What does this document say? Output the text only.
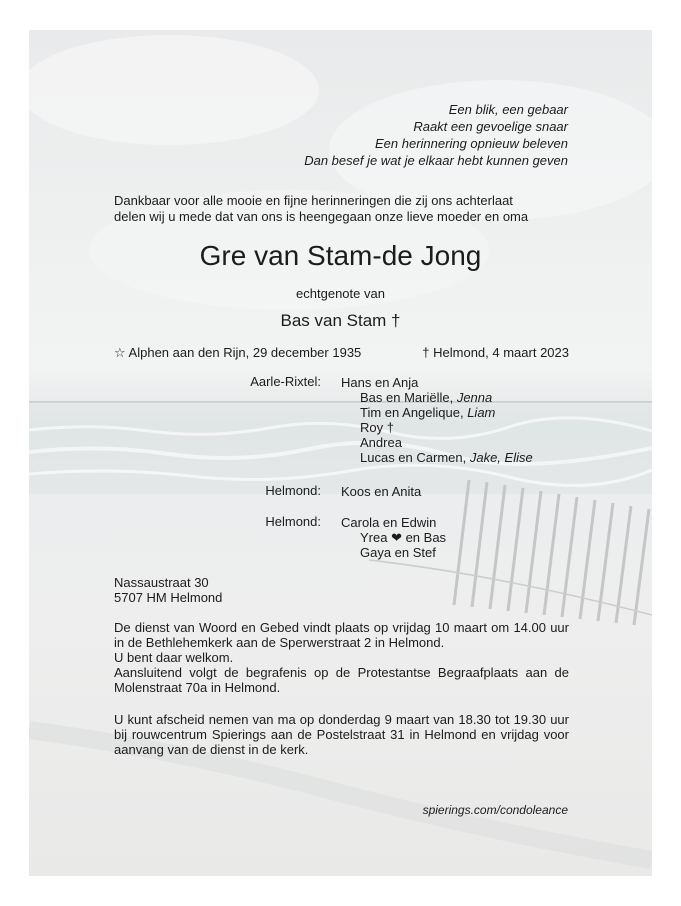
Een blik, een gebaar

Raakt een gevoelige snaar

Een herinnering opnieuw beleven

Dan besef je wat je elkaar hebt kunnen geven

Dankbaar voor alle mooie en fijne herinneringen die zij ons achterlaat

delen wij u mede dat van ons is heengegaan onze lieve moeder en oma

Gre van Stam-de Jong
echtgenote van
Bas van Stam †
☆ Alphen aan den Rijn, 29 december 1935	† Helmond, 4 maart 2023
Aarle-Rixtel: Hans en Anja

Bas en Mariëlle, Jenna

Tim en Angelique, Liam

Roy †

Andrea

Lucas en Carmen, Jake, Elise

Helmond: Koos en Anita

Helmond: Carola en Edwin

Yrea ❤ en Bas

Gaya en Stef

Nassaustraat 30

5707 HM Helmond

De dienst van Woord en Gebed vindt plaats op vrijdag 10 maart om 14.00 uur in de Bethlehemkerk aan de Sperwerstraat 2 in Helmond.

U bent daar welkom.

Aansluitend volgt de begrafenis op de Protestantse Begraafplaats aan de Molenstraat 70a in Helmond.

U kunt afscheid nemen van ma op donderdag 9 maart van 18.30 tot 19.30 uur bij rouwcentrum Spierings aan de Postelstraat 31 in Helmond en vrijdag voor aanvang van de dienst in de kerk.
spierings.com/condoleance
